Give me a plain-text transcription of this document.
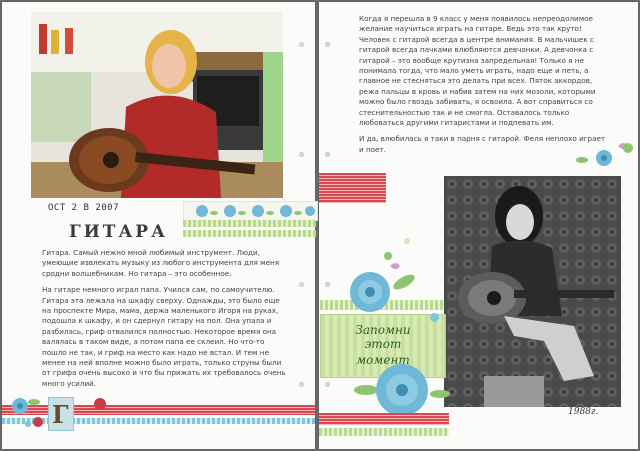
OCT 2 B 2007
ГИТАРА

Гитара. Самый нежно мной любимый инструмент. Люди, умеющие извлекать музыку из любого инструмента для меня сродни волшебникам. Но гитара – это особенное.

На гитаре немного играл папа. Учился сам, по самоучителю. Гитара эта лежала на шкафу сверху. Однажды, это было еще на проспекте Мира, мама, держа маленького Игоря на руках, подошла к шкафу, и он сдернул гитару на пол. Она упала и разбилась, гриф отвалился полностью. Некоторое время она валялась в таком виде, а потом папа ее склеил. Но что-то пошло не так, и гриф на место как надо не встал. И тем не менее на ней вполне можно было играть, только струны были от грифа очень высоко и что бы прижать их требовалось очень много усилий.

Г

Когда я перешла в 9 класс у меня появилось непреодолимое желание научиться играть на гитаре. Ведь это так круто! Человек с гитарой всегда в центре внимания. В мальчишек с гитарой всегда пачками влюбляются девчонки. А девчонка с гитарой – это вообще крутизна запредельная! Только я не понимала тогда, что мало уметь играть, надо еще и петь, а главное не стесняться это делать при всех. Пяток аккордов, режа пальцы в кровь и набив затем на них мозоли, которыми можно было гвоздь забивать, я освоила. А вот справиться со стеснительностью так и не смогла. Оставалось только любоваться другими гитаристами и подпевать им.

И да, влюбилась я таки в парня с гитарой. Феля неплохо играет и поет.

1988г.
Запомни
этот
момент
